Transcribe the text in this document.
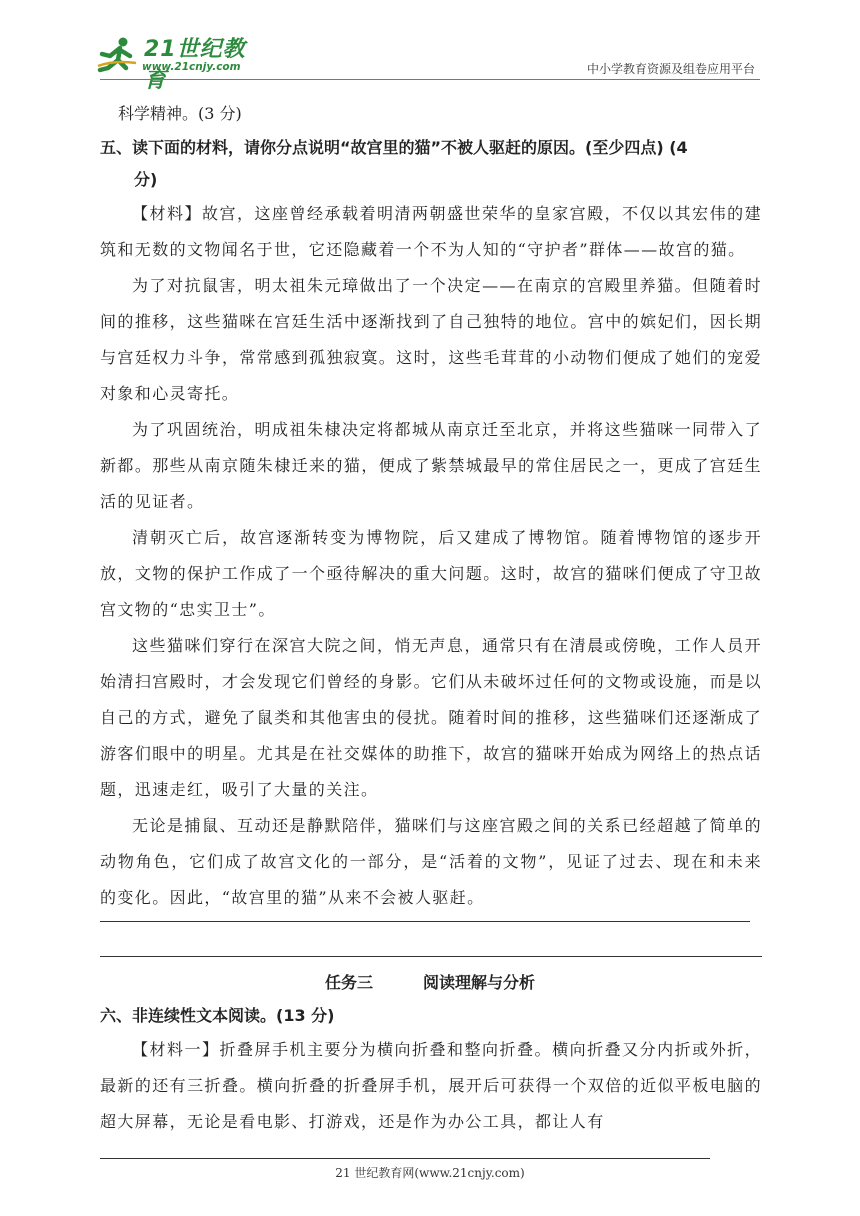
21世纪教育
www.21cnjy.com	中小学教育资源及组卷应用平台
科学精神。(3 分)
五、读下面的材料，请你分点说明“故宫里的猫”不被人驱赶的原因。(至少四点) (4
分)

【材料】故宫，这座曾经承载着明清两朝盛世荣华的皇家宫殿，不仅以其宏伟的建筑和无数的文物闻名于世，它还隐藏着一个不为人知的“守护者”群体——故宫的猫。

为了对抗鼠害，明太祖朱元璋做出了一个决定——在南京的宫殿里养猫。但随着时间的推移，这些猫咪在宫廷生活中逐渐找到了自己独特的地位。宫中的嫔妃们，因长期与宫廷权力斗争，常常感到孤独寂寞。这时，这些毛茸茸的小动物们便成了她们的宠爱对象和心灵寄托。

为了巩固统治，明成祖朱棣决定将都城从南京迁至北京，并将这些猫咪一同带入了新都。那些从南京随朱棣迁来的猫，便成了紫禁城最早的常住居民之一，更成了宫廷生活的见证者。

清朝灭亡后，故宫逐渐转变为博物院，后又建成了博物馆。随着博物馆的逐步开放，文物的保护工作成了一个亟待解决的重大问题。这时，故宫的猫咪们便成了守卫故宫文物的“忠实卫士”。

这些猫咪们穿行在深宫大院之间，悄无声息，通常只有在清晨或傍晚，工作人员开始清扫宫殿时，才会发现它们曾经的身影。它们从未破坏过任何的文物或设施，而是以自己的方式，避免了鼠类和其他害虫的侵扰。随着时间的推移，这些猫咪们还逐渐成了游客们眼中的明星。尤其是在社交媒体的助推下，故宫的猫咪开始成为网络上的热点话题，迅速走红，吸引了大量的关注。

无论是捕鼠、互动还是静默陪伴，猫咪们与这座宫殿之间的关系已经超越了简单的动物角色，它们成了故宫文化的一部分，是“活着的文物”，见证了过去、现在和未来的变化。因此，“故宫里的猫”从来不会被人驱赶。

任务三	阅读理解与分析
六、非连续性文本阅读。(13 分)

【材料一】折叠屏手机主要分为横向折叠和整向折叠。横向折叠又分内折或外折，最新的还有三折叠。横向折叠的折叠屏手机，展开后可获得一个双倍的近似平板电脑的超大屏幕，无论是看电影、打游戏，还是作为办公工具，都让人有

21 世纪教育网(www.21cnjy.com)
